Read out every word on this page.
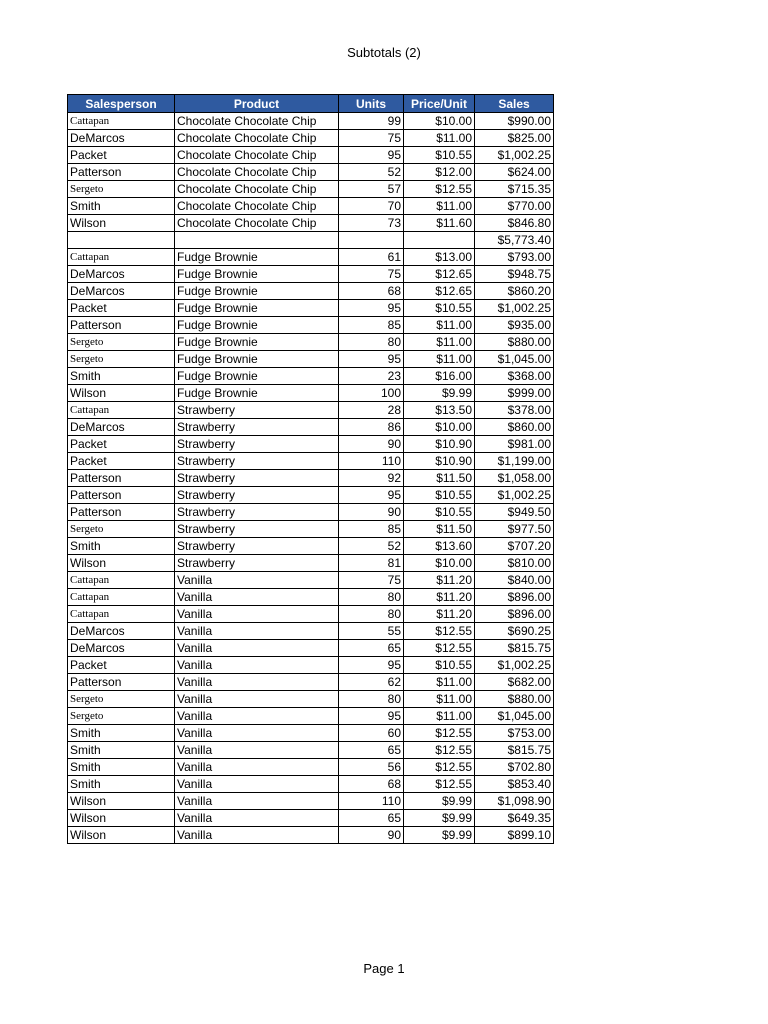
Subtotals (2)
Salesperson	Product	Units	Price/Unit	Sales
Cattapan	Chocolate Chocolate Chip	99	$10.00	$990.00
DeMarcos	Chocolate Chocolate Chip	75	$11.00	$825.00
Packet	Chocolate Chocolate Chip	95	$10.55	$1,002.25
Patterson	Chocolate Chocolate Chip	52	$12.00	$624.00
Sergeto	Chocolate Chocolate Chip	57	$12.55	$715.35
Smith	Chocolate Chocolate Chip	70	$11.00	$770.00
Wilson	Chocolate Chocolate Chip	73	$11.60	$846.80
				$5,773.40
Cattapan	Fudge Brownie	61	$13.00	$793.00
DeMarcos	Fudge Brownie	75	$12.65	$948.75
DeMarcos	Fudge Brownie	68	$12.65	$860.20
Packet	Fudge Brownie	95	$10.55	$1,002.25
Patterson	Fudge Brownie	85	$11.00	$935.00
Sergeto	Fudge Brownie	80	$11.00	$880.00
Sergeto	Fudge Brownie	95	$11.00	$1,045.00
Smith	Fudge Brownie	23	$16.00	$368.00
Wilson	Fudge Brownie	100	$9.99	$999.00
Cattapan	Strawberry	28	$13.50	$378.00
DeMarcos	Strawberry	86	$10.00	$860.00
Packet	Strawberry	90	$10.90	$981.00
Packet	Strawberry	110	$10.90	$1,199.00
Patterson	Strawberry	92	$11.50	$1,058.00
Patterson	Strawberry	95	$10.55	$1,002.25
Patterson	Strawberry	90	$10.55	$949.50
Sergeto	Strawberry	85	$11.50	$977.50
Smith	Strawberry	52	$13.60	$707.20
Wilson	Strawberry	81	$10.00	$810.00
Cattapan	Vanilla	75	$11.20	$840.00
Cattapan	Vanilla	80	$11.20	$896.00
Cattapan	Vanilla	80	$11.20	$896.00
DeMarcos	Vanilla	55	$12.55	$690.25
DeMarcos	Vanilla	65	$12.55	$815.75
Packet	Vanilla	95	$10.55	$1,002.25
Patterson	Vanilla	62	$11.00	$682.00
Sergeto	Vanilla	80	$11.00	$880.00
Sergeto	Vanilla	95	$11.00	$1,045.00
Smith	Vanilla	60	$12.55	$753.00
Smith	Vanilla	65	$12.55	$815.75
Smith	Vanilla	56	$12.55	$702.80
Smith	Vanilla	68	$12.55	$853.40
Wilson	Vanilla	110	$9.99	$1,098.90
Wilson	Vanilla	65	$9.99	$649.35
Wilson	Vanilla	90	$9.99	$899.10
Page 1
